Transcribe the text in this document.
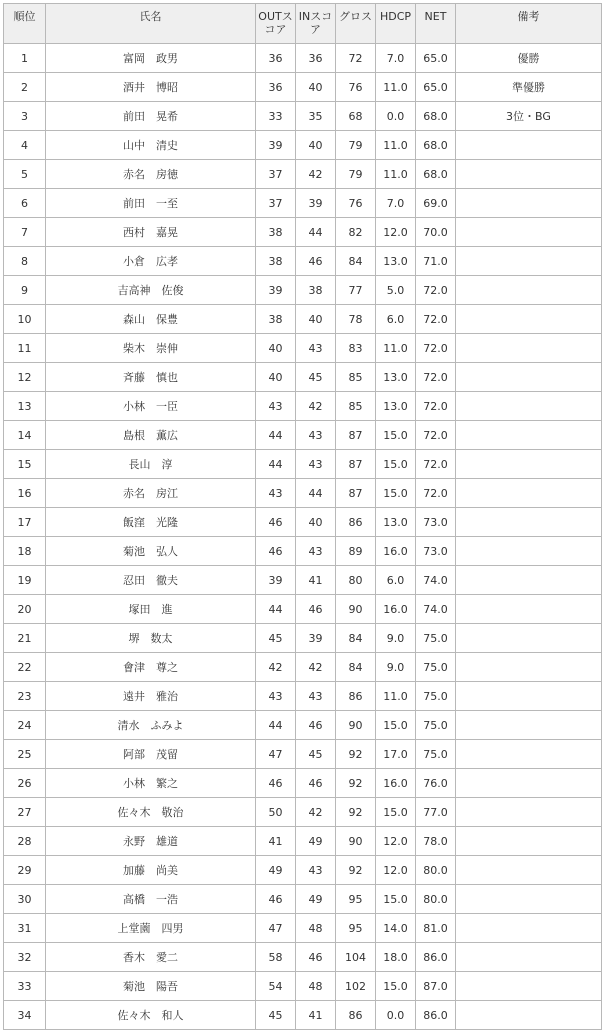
順位	氏名	OUTスコア	INスコア	グロス	HDCP	NET	備考
1	富岡　政男	36	36	72	7.0	65.0	優勝
2	酒井　博昭	36	40	76	11.0	65.0	準優勝
3	前田　晃希	33	35	68	0.0	68.0	3位・BG
4	山中　清史	39	40	79	11.0	68.0	
5	赤名　房徳	37	42	79	11.0	68.0	
6	前田　一至	37	39	76	7.0	69.0	
7	西村　嘉晃	38	44	82	12.0	70.0	
8	小倉　広孝	38	46	84	13.0	71.0	
9	吉高神　佐俊	39	38	77	5.0	72.0	
10	森山　保豊	38	40	78	6.0	72.0	
11	柴木　崇伸	40	43	83	11.0	72.0	
12	斉藤　慎也	40	45	85	13.0	72.0	
13	小林　一臣	43	42	85	13.0	72.0	
14	島根　薫広	44	43	87	15.0	72.0	
15	長山　淳	44	43	87	15.0	72.0	
16	赤名　房江	43	44	87	15.0	72.0	
17	飯窪　光隆	46	40	86	13.0	73.0	
18	菊池　弘人	46	43	89	16.0	73.0	
19	忍田　徹夫	39	41	80	6.0	74.0	
20	塚田　進	44	46	90	16.0	74.0	
21	堺　数太	45	39	84	9.0	75.0	
22	會津　尊之	42	42	84	9.0	75.0	
23	遠井　雅治	43	43	86	11.0	75.0	
24	清水　ふみよ	44	46	90	15.0	75.0	
25	阿部　茂留	47	45	92	17.0	75.0	
26	小林　繁之	46	46	92	16.0	76.0	
27	佐々木　敬治	50	42	92	15.0	77.0	
28	永野　雄道	41	49	90	12.0	78.0	
29	加藤　尚美	49	43	92	12.0	80.0	
30	高橋　一浩	46	49	95	15.0	80.0	
31	上堂薗　四男	47	48	95	14.0	81.0	
32	香木　愛二	58	46	104	18.0	86.0	
33	菊池　陽吾	54	48	102	15.0	87.0	
34	佐々木　和人	45	41	86	0.0	86.0	
